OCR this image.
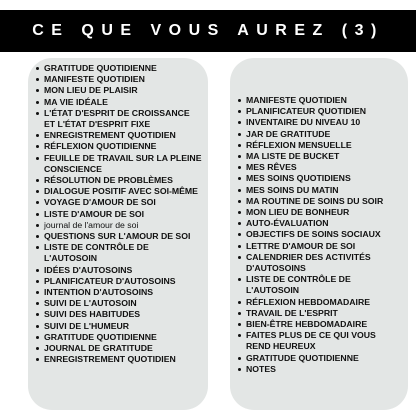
CE QUE VOUS AUREZ (3)
GRATITUDE QUOTIDIENNE
MANIFESTE QUOTIDIEN
MON LIEU DE PLAISIR
MA VIE IDÉALE
L'ÉTAT D'ESPRIT DE CROISSANCE ET L'ÉTAT D'ESPRIT FIXE
ENREGISTREMENT QUOTIDIEN
RÉFLEXION QUOTIDIENNE
FEUILLE DE TRAVAIL SUR LA PLEINE CONSCIENCE
RÉSOLUTION DE PROBLÈMES
DIALOGUE POSITIF AVEC SOI-MÊME
VOYAGE D'AMOUR DE SOI
LISTE D'AMOUR DE SOI
journal de l'amour de soi
QUESTIONS SUR L'AMOUR DE SOI
LISTE DE CONTRÔLE DE L'AUTOSOIN
IDÉES D'AUTOSOINS
PLANIFICATEUR D'AUTOSOINS
INTENTION D'AUTOSOINS
SUIVI DE L'AUTOSOIN
SUIVI DES HABITUDES
SUIVI DE L'HUMEUR
GRATITUDE QUOTIDIENNE
JOURNAL DE GRATITUDE
ENREGISTREMENT QUOTIDIEN
MANIFESTE QUOTIDIEN
PLANIFICATEUR QUOTIDIEN
INVENTAIRE DU NIVEAU 10
JAR DE GRATITUDE
RÉFLEXION MENSUELLE
MA LISTE DE BUCKET
MES RÊVES
MES SOINS QUOTIDIENS
MES SOINS DU MATIN
MA ROUTINE DE SOINS DU SOIR
MON LIEU DE BONHEUR
AUTO-ÉVALUATION
OBJECTIFS DE SOINS SOCIAUX
LETTRE D'AMOUR DE SOI
CALENDRIER DES ACTIVITÉS D'AUTOSOINS
LISTE DE CONTRÔLE DE L'AUTOSOIN
RÉFLEXION HEBDOMADAIRE
TRAVAIL DE L'ESPRIT
BIEN-ÊTRE HEBDOMADAIRE
FAITES PLUS DE CE QUI VOUS REND HEUREUX
GRATITUDE QUOTIDIENNE
NOTES
